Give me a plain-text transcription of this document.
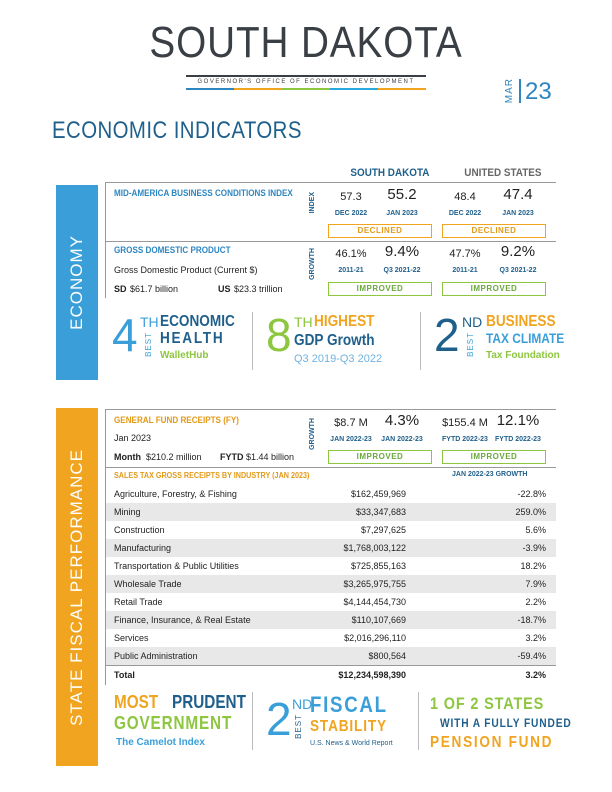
SOUTH DAKOTA
GOVERNOR'S OFFICE OF ECONOMIC DEVELOPMENT	MAR 23
ECONOMIC INDICATORS
SOUTH DAKOTA	UNITED STATES
ECONOMY
STATE FISCAL PERFORMANCE
MID-AMERICA BUSINESS CONDITIONS INDEX INDEX	57.3	55.2	48.4	47.4
DEC 2022	JAN 2023	DEC 2022	JAN 2023
DECLINED	DECLINED
GROSS DOMESTIC PRODUCT	GROWTH
Gross Domestic Product (Current $)
SD $61.7 billion	US $23.3 trillion
46.1%	9.4%	47.7%	9.2%
2011-21	Q3 2021-22	2011-21	Q3 2021-22
IMPROVED	IMPROVED
4 TH
BEST
ECONOMIC
HEALTH
WalletHub 8 TH HIGHEST
GDP Growth
Q3 2019-Q3 2022 2 ND
BEST
BUSINESS
TAX CLIMATE
Tax Foundation
GENERAL FUND RECEIPTS (FY)	GROWTH
Jan 2023
Month $210.2 million FYTD $1.44 billion
$8.7 M	4.3%	$155.4 M 12.1%
JAN 2022-23	JAN 2022-23	FYTD 2022-23	FYTD 2022-23
IMPROVED	IMPROVED
SALES TAX GROSS RECEIPTS BY INDUSTRY (JAN 2023)	JAN 2022-23 GROWTH
Agriculture, Forestry, & Fishing	$162,459,969	-22.8%
Mining	$33,347,683	259.0%
Construction	$7,297,625	5.6%
Manufacturing	$1,768,003,122	-3.9%
Transportation & Public Utilities	$725,855,163	18.2%
Wholesale Trade	$3,265,975,755	7.9%
Retail Trade	$4,144,454,730	2.2%
Finance, Insurance, & Real Estate	$110,107,669	-18.7%
Services	$2,016,296,110	3.2%
Public Administration	$800,564	-59.4%
Total	$12,234,598,390	3.2%
MOST PRUDENT
GOVERNMENT
The Camelot Index 2 ND
BEST
FISCAL
STABILITY
U.S. News & World Report
1 OF 2 STATES
WITH A FULLY FUNDED
PENSION FUND
